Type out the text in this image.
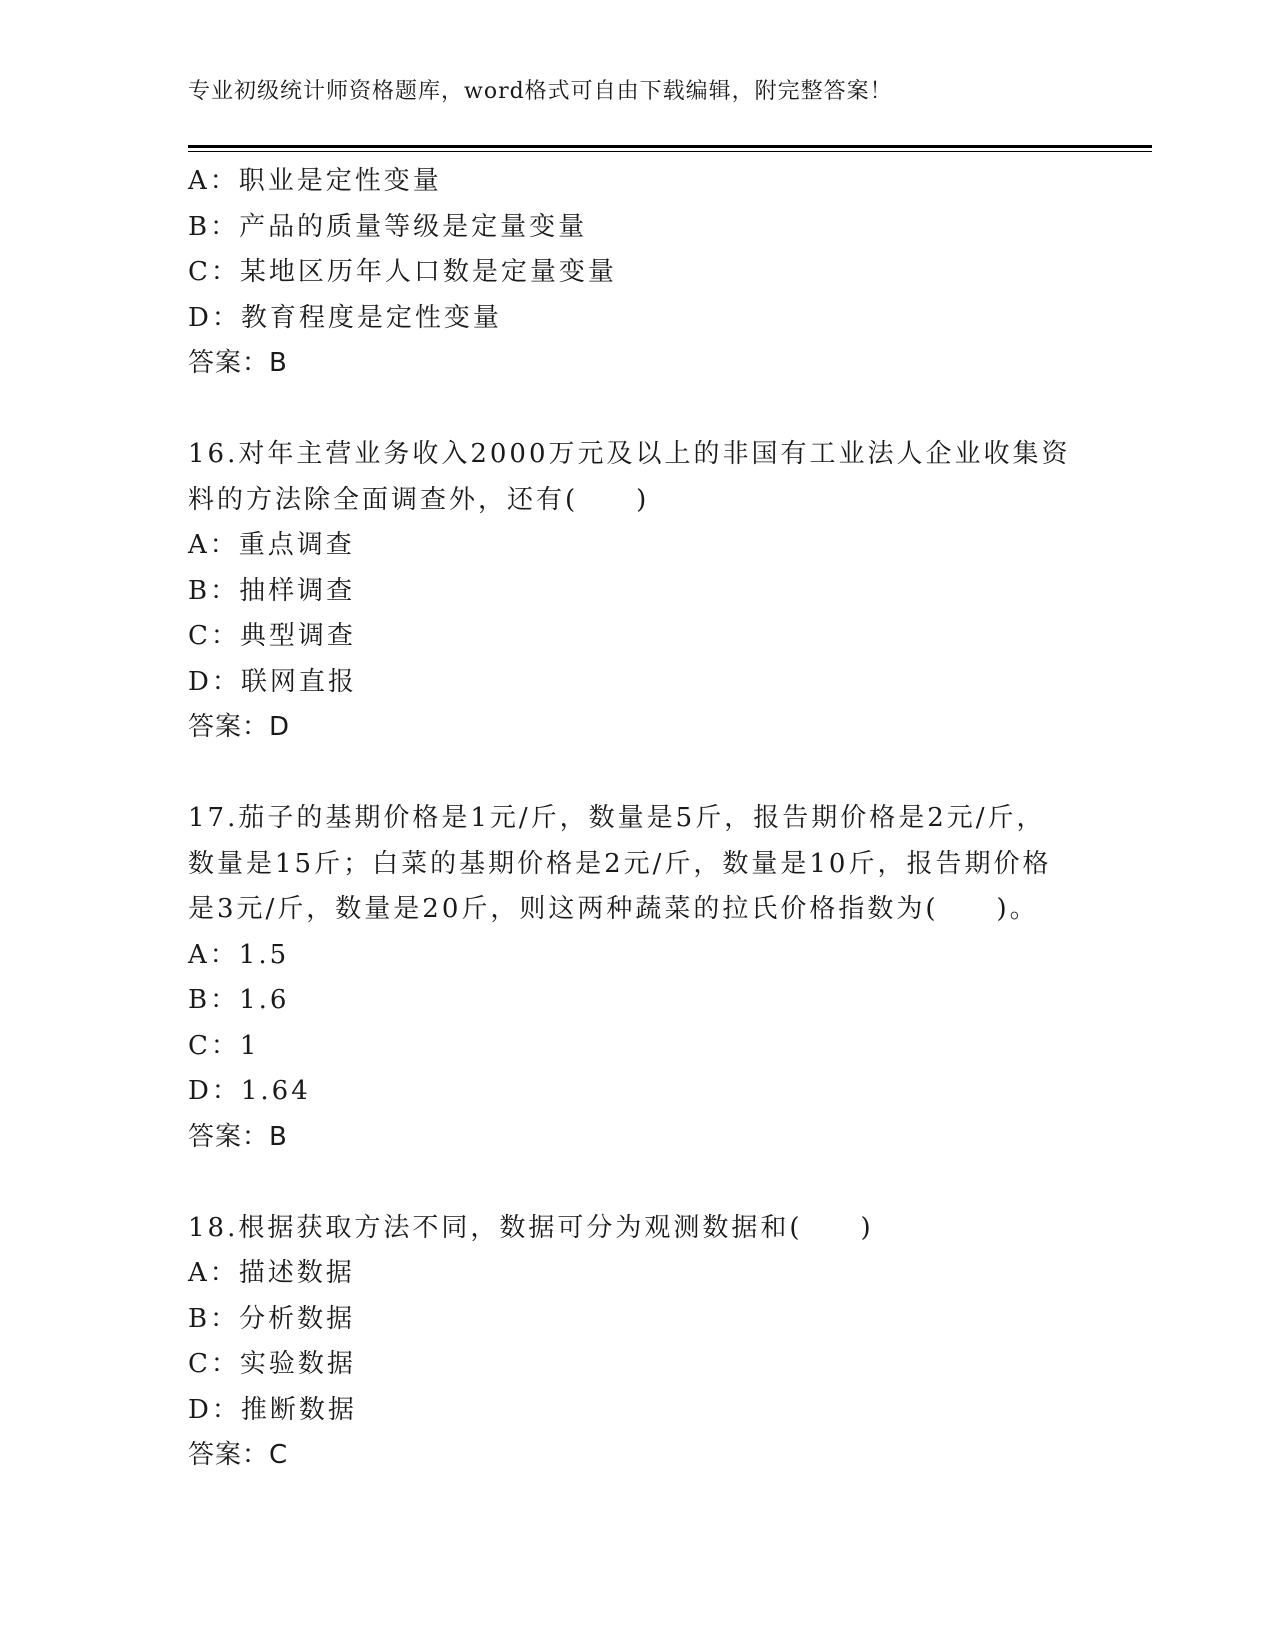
专业初级统计师资格题库，word格式可自由下载编辑，附完整答案！
A：职业是定性变量
B：产品的质量等级是定量变量
C：某地区历年人口数是定量变量
D：教育程度是定性变量
答案：B
16.对年主营业务收入2000万元及以上的非国有工业法人企业收集资
料的方法除全面调查外，还有(　　)
A：重点调查
B：抽样调查
C：典型调查
D：联网直报
答案：D
17.茄子的基期价格是1元/斤，数量是5斤，报告期价格是2元/斤，
数量是15斤；白菜的基期价格是2元/斤，数量是10斤，报告期价格
是3元/斤，数量是20斤，则这两种蔬菜的拉氏价格指数为(　　)。
A：1.5
B：1.6
C：1
D：1.64
答案：B
18.根据获取方法不同，数据可分为观测数据和(　　)
A：描述数据
B：分析数据
C：实验数据
D：推断数据
答案：C
